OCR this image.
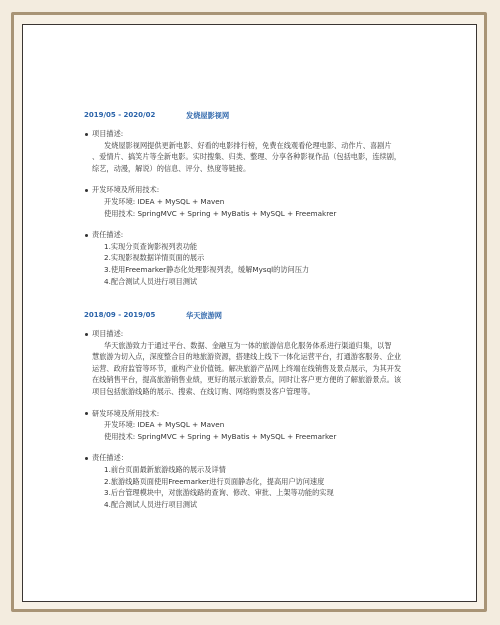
2019/05 - 2020/02	发烧屋影视网
项目描述:
发烧屋影视网提供更新电影、好看的电影排行榜，免费在线观看伦理电影、动作片、喜剧片
、爱情片、搞笑片等全新电影。实时搜集、归类、整理、分享各种影视作品（包括电影，连续剧，
综艺，动漫，解说）的信息、评分、热度等链接。
开发环境及所用技术:
开发环境: IDEA + MySQL + Maven
使用技术: SpringMVC + Spring + MyBatis + MySQL + Freemakrer
责任描述:
1.实现分页查询影视列表功能
2.实现影视数据详情页面的展示
3.使用Freemarker静态化处理影视列表，缓解Mysql的访问压力
4.配合测试人员进行项目测试
2018/09 - 2019/05	华天旅游网
项目描述:
华天旅游致力于通过平台、数据、金融互为一体的旅游信息化服务体系进行渠道归集，以智
慧旅游为切入点，深度整合目的地旅游资源，搭建线上线下一体化运营平台，打通游客服务、企业
运营、政府监管等环节，重构产业价值链。解决旅游产品网上终端在线销售及景点展示，为其开发
在线销售平台，提高旅游销售业绩，更好的展示旅游景点，同时让客户更方便的了解旅游景点。该
项目包括旅游线路的展示、搜索、在线订购、网络购票及客户管理等。
研发环境及所用技术:
开发环境: IDEA + MySQL + Maven
使用技术: SpringMVC + Spring + MyBatis + MySQL + Freemarker
责任描述：
1.前台页面最新旅游线路的展示及详情
2.旅游线路页面使用Freemarker进行页面静态化，提高用户访问速度
3.后台管理模块中，对旅游线路的查询、修改、审批、上架等功能的实现
4.配合测试人员进行项目测试
